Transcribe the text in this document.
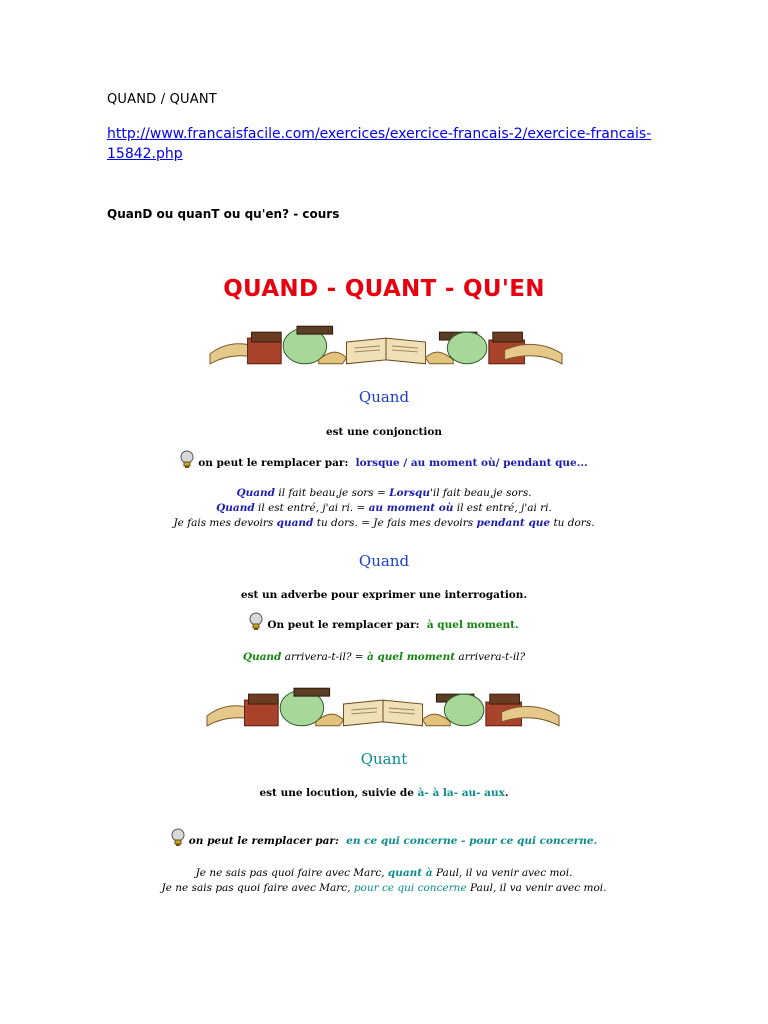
QUAND / QUANT
http://www.francaisfacile.com/exercices/exercice-francais-2/exercice-francais-15842.php
QuanD ou quanT ou qu'en? - cours
QUAND - QUANT - QU'EN
Quand
est une conjonction
on peut le remplacer par: lorsque / au moment où/ pendant que...
Quand il fait beau,je sors = Lorsqu'il fait beau,je sors.
Quand il est entré, j'ai ri. = au moment où il est entré, j'ai ri.
Je fais mes devoirs quand tu dors. = Je fais mes devoirs pendant que tu dors.
Quand
est un adverbe pour exprimer une interrogation.
On peut le remplacer par: à quel moment.
Quand arrivera-t-il? = à quel moment arrivera-t-il?
Quant
est une locution, suivie de à- à la- au- aux.
on peut le remplacer par: en ce qui concerne - pour ce qui concerne.
Je ne sais pas quoi faire avec Marc, quant à Paul, il va venir avec moi.
Je ne sais pas quoi faire avec Marc, pour ce qui concerne Paul, il va venir avec moi.
